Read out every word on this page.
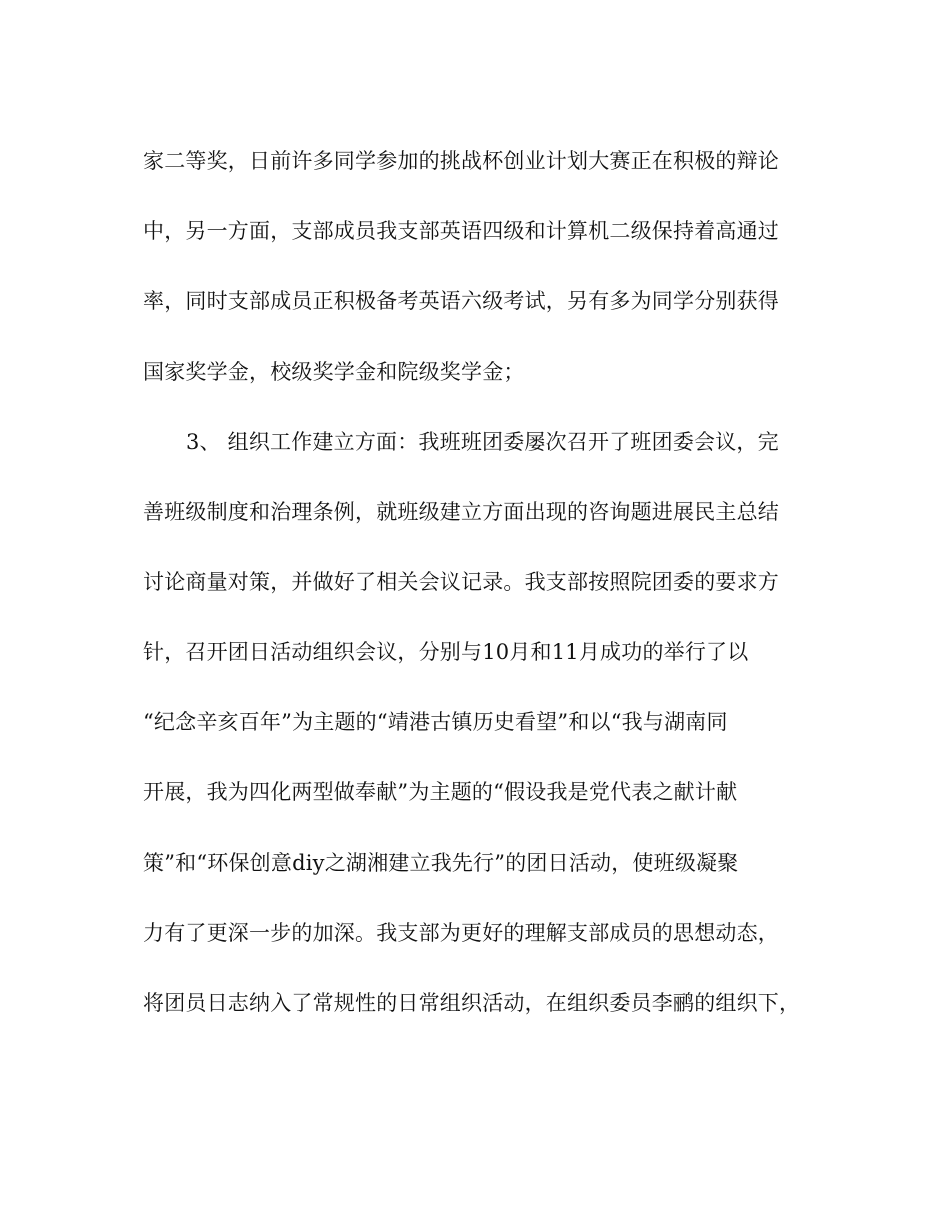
家二等奖，日前许多同学参加的挑战杯创业计划大赛正在积极的辩论
中，另一方面，支部成员我支部英语四级和计算机二级保持着高通过
率，同时支部成员正积极备考英语六级考试，另有多为同学分别获得
国家奖学金，校级奖学金和院级奖学金；
3、 组织工作建立方面：我班班团委屡次召开了班团委会议，完
善班级制度和治理条例，就班级建立方面出现的咨询题进展民主总结
讨论商量对策，并做好了相关会议记录。我支部按照院团委的要求方
针，召开团日活动组织会议，分别与10月和11月成功的举行了以
“纪念辛亥百年”为主题的“靖港古镇历史看望”和以“我与湖南同
开展，我为四化两型做奉献”为主题的“假设我是党代表之献计献
策”和“环保创意diy之湖湘建立我先行”的团日活动，使班级凝聚
力有了更深一步的加深。我支部为更好的理解支部成员的思想动态，
将团员日志纳入了常规性的日常组织活动，在组织委员李鹂的组织下，
